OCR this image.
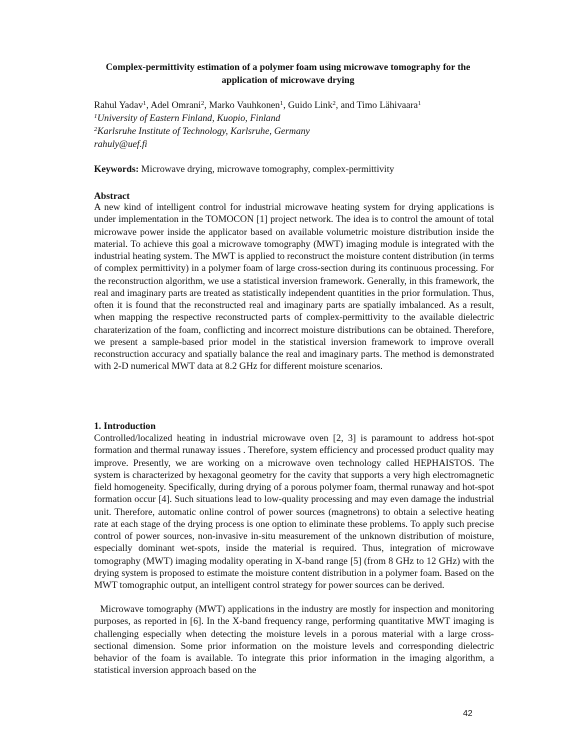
Complex-permittivity estimation of a polymer foam using microwave tomography for the application of microwave drying
Rahul Yadav$^1$, Adel Omrani$^2$, Marko Vauhkonen$^1$, Guido Link$^2$, and Timo Lähivaara$^1$
$^1$University of Eastern Finland, Kuopio, Finland
$^2$Karlsruhe Institute of Technology, Karlsruhe, Germany
rahuly@uef.fi
Keywords: Microwave drying, microwave tomography, complex-permittivity
Abstract

A new kind of intelligent control for industrial microwave heating system for drying applications is under implementation in the TOMOCON [1] project network. The idea is to control the amount of total microwave power inside the applicator based on available volumetric moisture distribution inside the material. To achieve this goal a microwave tomography (MWT) imaging module is integrated with the industrial heating system. The MWT is applied to reconstruct the moisture content distribution (in terms of complex permittivity) in a polymer foam of large cross-section during its continuous processing. For the reconstruction algorithm, we use a statistical inversion framework. Generally, in this framework, the real and imaginary parts are treated as statistically independent quantities in the prior formulation. Thus, often it is found that the reconstructed real and imaginary parts are spatially imbalanced. As a result, when mapping the respective reconstructed parts of complex-permittivity to the available dielectric charaterization of the foam, conflicting and incorrect moisture distributions can be obtained. Therefore, we present a sample-based prior model in the statistical inversion framework to improve overall reconstruction accuracy and spatially balance the real and imaginary parts. The method is demonstrated with 2-D numerical MWT data at 8.2 GHz for different moisture scenarios.

1. Introduction

Controlled/localized heating in industrial microwave oven [2, 3] is paramount to address hot-spot formation and thermal runaway issues . Therefore, system efficiency and processed product quality may improve. Presently, we are working on a microwave oven technology called HEPHAISTOS. The system is characterized by hexagonal geometry for the cavity that supports a very high electromagnetic field homogeneity. Specifically, during drying of a porous polymer foam, thermal runaway and hot-spot formation occur [4]. Such situations lead to low-quality processing and may even damage the industrial unit. Therefore, automatic online control of power sources (magnetrons) to obtain a selective heating rate at each stage of the drying process is one option to eliminate these problems. To apply such precise control of power sources, non-invasive in-situ measurement of the unknown distribution of moisture, especially dominant wet-spots, inside the material is required. Thus, integration of microwave tomography (MWT) imaging modality operating in X-band range [5] (from 8 GHz to 12 GHz) with the drying system is proposed to estimate the moisture content distribution in a polymer foam. Based on the MWT tomographic output, an intelligent control strategy for power sources can be derived.

Microwave tomography (MWT) applications in the industry are mostly for inspection and monitoring purposes, as reported in [6]. In the X-band frequency range, performing quantitative MWT imaging is challenging especially when detecting the moisture levels in a porous material with a large cross-sectional dimension. Some prior information on the moisture levels and corresponding dielectric behavior of the foam is available. To integrate this prior information in the imaging algorithm, a statistical inversion approach based on the

42
